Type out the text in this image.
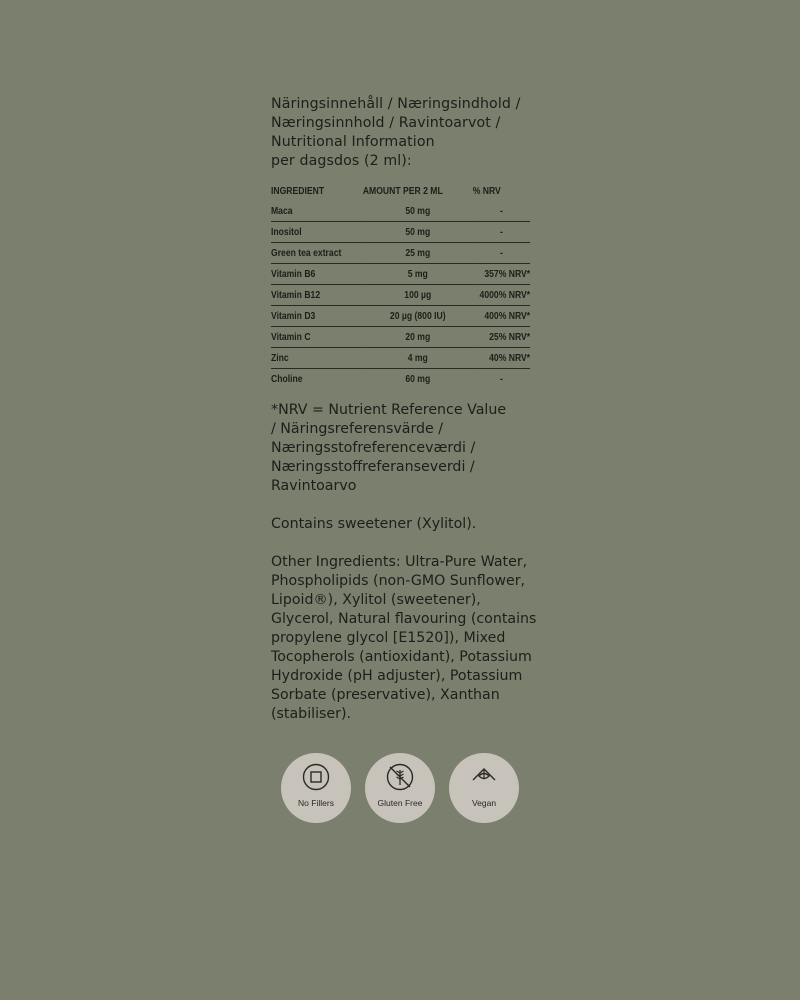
Näringsinnehåll / Næringsindhold /

Næringsinnhold / Ravintoarvot /

Nutritional Information

per dagsdos (2 ml):

INGREDIENT	AMOUNT PER 2 ML	% NRV
Maca	50 mg	-
Inositol	50 mg	-
Green tea extract	25 mg	-
Vitamin B6	5 mg	357% NRV*
Vitamin B12	100 µg	4000% NRV*
Vitamin D3	20 µg (800 IU)	400% NRV*
Vitamin C	20 mg	25% NRV*
Zinc	4 mg	40% NRV*
Choline	60 mg	-

*NRV = Nutrient Reference Value

/ Näringsreferensvärde /

Næringsstofreferenceværdi /

Næringsstoffreferanseverdi /

Ravintoarvo

Contains sweetener (Xylitol).

Other Ingredients: Ultra-Pure Water,

Phospholipids (non-GMO Sunflower,

Lipoid®), Xylitol (sweetener),

Glycerol, Natural flavouring (contains

propylene glycol [E1520]), Mixed

Tocopherols (antioxidant), Potassium

Hydroxide (pH adjuster), Potassium

Sorbate (preservative), Xanthan

(stabiliser).

No Fillers	Gluten Free	Vegan
